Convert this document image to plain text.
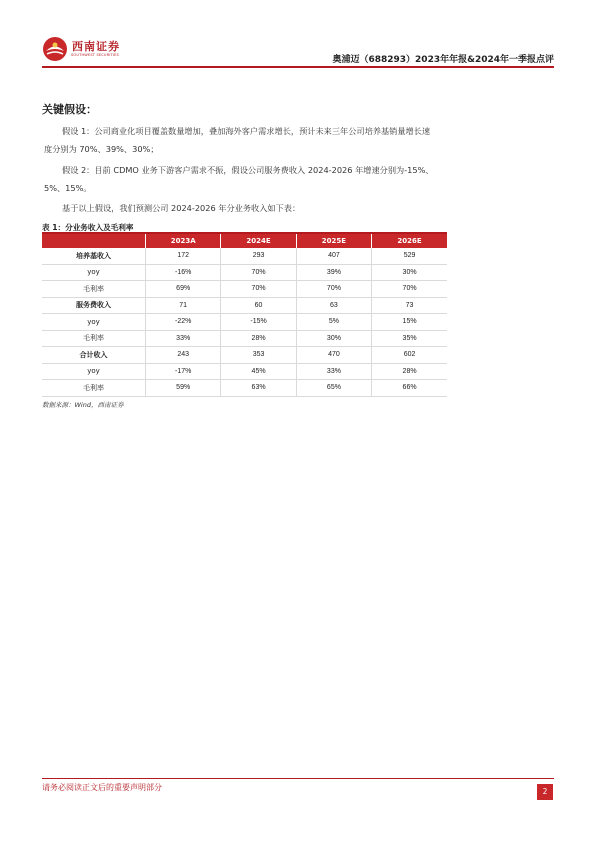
西南证券
SOUTHWEST SECURITIES	奥浦迈（688293）2023年年报&2024年一季报点评
关键假设：
假设 1：公司商业化项目覆盖数量增加，叠加海外客户需求增长，预计未来三年公司培养基销量增长速度分别为 70%、39%、30%；
假设 2：目前 CDMO 业务下游客户需求不振，假设公司服务费收入 2024-2026 年增速分别为-15%、5%、15%。
基于以上假设，我们预测公司 2024-2026 年分业务收入如下表：
表 1：分业务收入及毛利率
	2023A	2024E	2025E	2026E
培养基收入	172	293	407	529
yoy	-16%	70%	39%	30%
毛利率	69%	70%	70%	70%
服务费收入	71	60	63	73
yoy	-22%	-15%	5%	15%
毛利率	33%	28%	30%	35%
合计收入	243	353	470	602
yoy	-17%	45%	33%	28%
毛利率	59%	63%	65%	66%
数据来源：Wind，西南证券
请务必阅读正文后的重要声明部分	2
